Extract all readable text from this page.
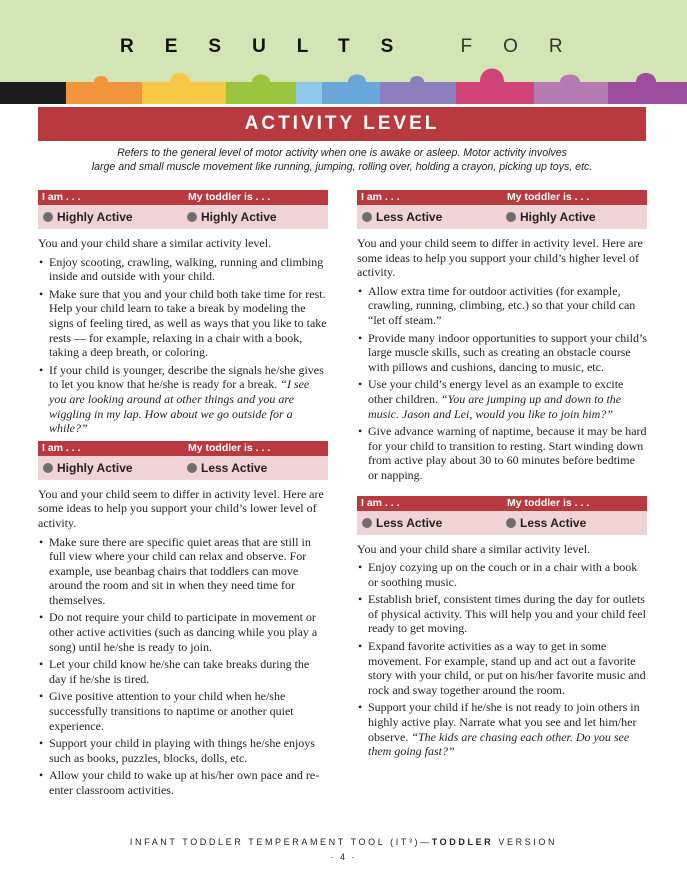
RESULTS FOR
ACTIVITY LEVEL
Refers to the general level of motor activity when one is awake or asleep. Motor activity involves
large and small muscle movement like running, jumping, rolling over, holding a crayon, picking up toys, etc.
I am . . .	My toddler is . . .
Highly Active	Highly Active
You and your child share a similar activity level.
• Enjoy scooting, crawling, walking, running and climbing inside and outside with your child.
• Make sure that you and your child both take time for rest. Help your child learn to take a break by modeling the signs of feeling tired, as well as ways that you like to take rests — for example, relaxing in a chair with a book, taking a deep breath, or coloring.
• If your child is younger, describe the signals he/she gives to let you know that he/she is ready for a break. “I see you are looking around at other things and you are wiggling in my lap. How about we go outside for a while?”
I am . . .	My toddler is . . .
Highly Active	Less Active
You and your child seem to differ in activity level. Here are some ideas to help you support your child’s lower level of activity.
• Make sure there are specific quiet areas that are still in full view where your child can relax and observe. For example, use beanbag chairs that toddlers can move around the room and sit in when they need time for themselves.
• Do not require your child to participate in movement or other active activities (such as dancing while you play a song) until he/she is ready to join.
• Let your child know he/she can take breaks during the day if he/she is tired.
• Give positive attention to your child when he/she successfully transitions to naptime or another quiet experience.
• Support your child in playing with things he/she enjoys such as books, puzzles, blocks, dolls, etc.
• Allow your child to wake up at his/her own pace and re-enter classroom activities.
I am . . .	My toddler is . . .
Less Active	Highly Active
You and your child seem to differ in activity level. Here are some ideas to help you support your child’s higher level of activity.
• Allow extra time for outdoor activities (for example, crawling, running, climbing, etc.) so that your child can “let off steam.”
• Provide many indoor opportunities to support your child’s large muscle skills, such as creating an obstacle course with pillows and cushions, dancing to music, etc.
• Use your child’s energy level as an example to excite other children. “You are jumping up and down to the music. Jason and Lei, would you like to join him?”
• Give advance warning of naptime, because it may be hard for your child to transition to resting. Start winding down from active play about 30 to 60 minutes before bedtime or napping.
I am . . .	My toddler is . . .
Less Active	Less Active
You and your child share a similar activity level.
• Enjoy cozying up on the couch or in a chair with a book or soothing music.
• Establish brief, consistent times during the day for outlets of physical activity. This will help you and your child feel ready to get moving.
• Expand favorite activities as a way to get in some movement. For example, stand up and act out a favorite story with your child, or put on his/her favorite music and rock and sway together around the room.
• Support your child if he/she is not ready to join others in highly active play. Narrate what you see and let him/her observe. “The kids are chasing each other. Do you see them going fast?”
INFANT TODDLER TEMPERAMENT TOOL (IT³)—TODDLER VERSION
· 4 ·
